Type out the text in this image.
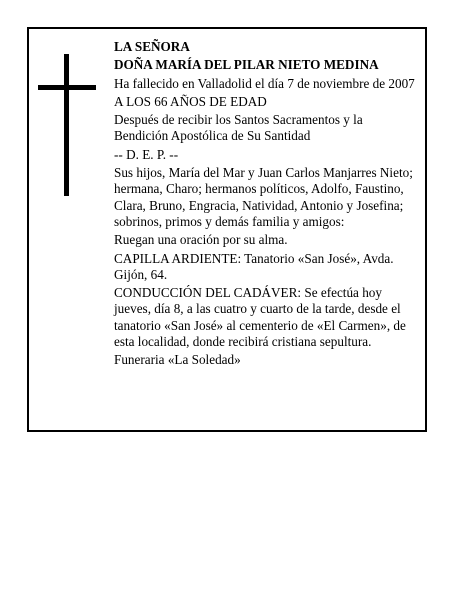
LA SEÑORA

DOÑA MARÍA DEL PILAR NIETO MEDINA

Ha fallecido en Valladolid el día 7 de noviembre de 2007

A LOS 66 AÑOS DE EDAD

Después de recibir los Santos Sacramentos y la Bendición Apostólica de Su Santidad

-- D. E. P. --

Sus hijos, María del Mar y Juan Carlos Manjarres Nieto; hermana, Charo; hermanos políticos, Adolfo, Faustino, Clara, Bruno, Engracia, Natividad, Antonio y Josefina; sobrinos, primos y demás familia y amigos:

Ruegan una oración por su alma.

CAPILLA ARDIENTE: Tanatorio «San José», Avda. Gijón, 64.

CONDUCCIÓN DEL CADÁVER: Se efectúa hoy jueves, día 8, a las cuatro y cuarto de la tarde, desde el tanatorio «San José» al cementerio de «El Carmen», de esta localidad, donde recibirá cristiana sepultura.

Funeraria «La Soledad»
